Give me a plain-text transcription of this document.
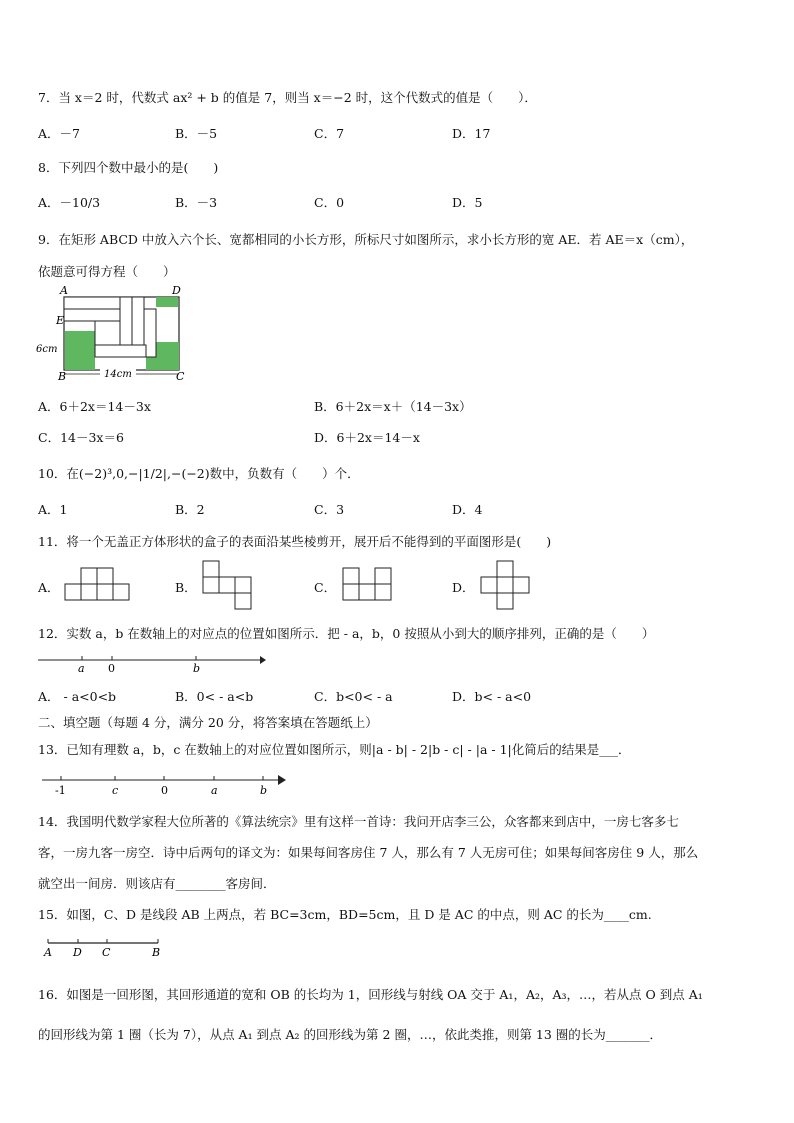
7．当 x＝2 时，代数式 ax² + b 的值是 7，则当 x＝−2 时，这个代数式的值是（　　）．
A．－7	B．－5	C．7	D．17
8．下列四个数中最小的是(　　)
A．－10/3	B．－3	C．0	D．5
9．在矩形 ABCD 中放入六个长、宽都相同的小长方形，所标尺寸如图所示，求小长方形的宽 AE．若 AE＝x（cm），
依题意可得方程（　　）
A	D
E
B	C
6cm
14cm
A．6＋2x＝14－3x	B．6＋2x＝x＋（14－3x）
C．14－3x＝6	D．6＋2x＝14－x
10．在(−2)³,0,−|1/2|,−(−2)数中，负数有（　　）个．
A．1	B．2	C．3	D．4
11．将一个无盖正方体形状的盒子的表面沿某些棱剪开，展开后不能得到的平面图形是(　　)
A．	B．	C．	D．
12．实数 a，b 在数轴上的对应点的位置如图所示．把 - a，b，0 按照从小到大的顺序排列，正确的是（　　）
a 0	b
A． - a<0<b	B．0< - a<b	C．b<0< - a	D．b< - a<0
二、填空题（每题 4 分，满分 20 分，将答案填在答题纸上）
13．已知有理数 a，b，c 在数轴上的对应位置如图所示，则|a - b| - 2|b - c| - |a - 1|化简后的结果是___．
-1	c	0	a	b
14．我国明代数学家程大位所著的《算法统宗》里有这样一首诗：我问开店李三公，众客都来到店中，一房七客多七
客，一房九客一房空．诗中后两句的译文为：如果每间客房住 7 人，那么有 7 人无房可住；如果每间客房住 9 人，那么
就空出一间房．则该店有________客房间．
15．如图，C、D 是线段 AB 上两点，若 BC=3cm，BD=5cm，且 D 是 AC 的中点，则 AC 的长为____cm.
A D C	B
16．如图是一回形图，其回形通道的宽和 OB 的长均为 1，回形线与射线 OA 交于 A₁，A₂，A₃，…，若从点 O 到点 A₁
的回形线为第 1 圈（长为 7），从点 A₁ 到点 A₂ 的回形线为第 2 圈，…，依此类推，则第 13 圈的长为_______．
